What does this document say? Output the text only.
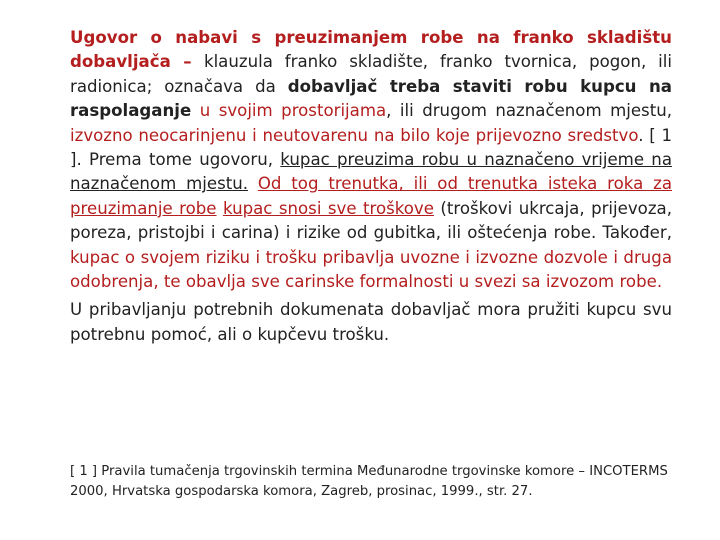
Ugovor o nabavi s preuzimanjem robe na franko skladištu dobavljača – klauzula franko skladište, franko tvornica, pogon, ili radionica; označava da dobavljač treba staviti robu kupcu na raspolaganje u svojim prostorijama, ili drugom naznačenom mjestu, izvozno neocarinjenu i neutovarenu na bilo koje prijevozno sredstvo. [ 1 ]. Prema tome ugovoru, kupac preuzima robu u naznačeno vrijeme na naznačenom mjestu. Od tog trenutka, ili od trenutka isteka roka za preuzimanje robe kupac snosi sve troškove (troškovi ukrcaja, prijevoza, poreza, pristojbi i carina) i rizike od gubitka, ili oštećenja robe. Također, kupac o svojem riziku i trošku pribavlja uvozne i izvozne dozvole i druga odobrenja, te obavlja sve carinske formalnosti u svezi sa izvozom robe.

U pribavljanju potrebnih dokumenata dobavljač mora pružiti kupcu svu potrebnu pomoć, ali o kupčevu trošku.

[ 1 ] Pravila tumačenja trgovinskih termina Međunarodne trgovinske komore – INCOTERMS 2000, Hrvatska gospodarska komora, Zagreb, prosinac, 1999., str. 27.
